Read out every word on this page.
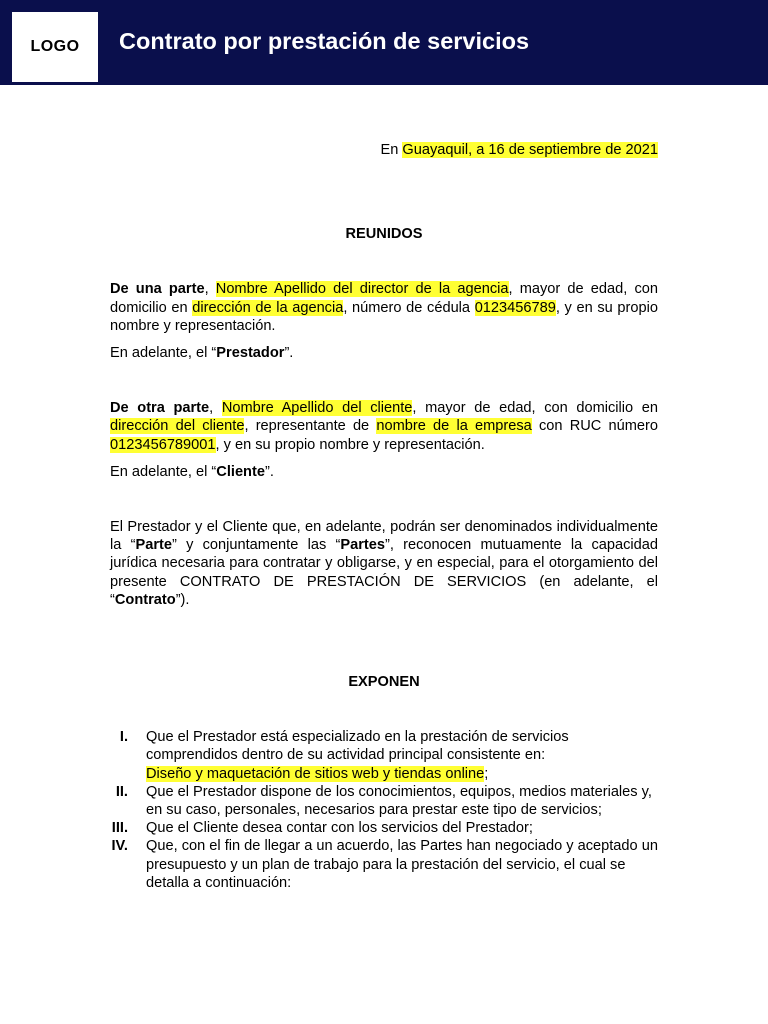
LOGO	Contrato por prestación de servicios

En Guayaquil, a 16 de septiembre de 2021

REUNIDOS

De una parte, Nombre Apellido del director de la agencia, mayor de edad, con domicilio en dirección de la agencia, número de cédula 0123456789, y en su propio nombre y representación.

En adelante, el “Prestador”.

De otra parte, Nombre Apellido del cliente, mayor de edad, con domicilio en dirección del cliente, representante de nombre de la empresa con RUC número 0123456789001, y en su propio nombre y representación.

En adelante, el “Cliente”.

El Prestador y el Cliente que, en adelante, podrán ser denominados individualmente la “Parte” y conjuntamente las “Partes”, reconocen mutuamente la capacidad jurídica necesaria para contratar y obligarse, y en especial, para el otorgamiento del presente CONTRATO DE PRESTACIÓN DE SERVICIOS (en adelante, el “Contrato”).

EXPONEN

I. Que el Prestador está especializado en la prestación de servicios comprendidos dentro de su actividad principal consistente en:
Diseño y maquetación de sitios web y tiendas online;
II. Que el Prestador dispone de los conocimientos, equipos, medios materiales y, en su caso, personales, necesarios para prestar este tipo de servicios;
III. Que el Cliente desea contar con los servicios del Prestador;
IV. Que, con el fin de llegar a un acuerdo, las Partes han negociado y aceptado un presupuesto y un plan de trabajo para la prestación del servicio, el cual se detalla a continuación:
